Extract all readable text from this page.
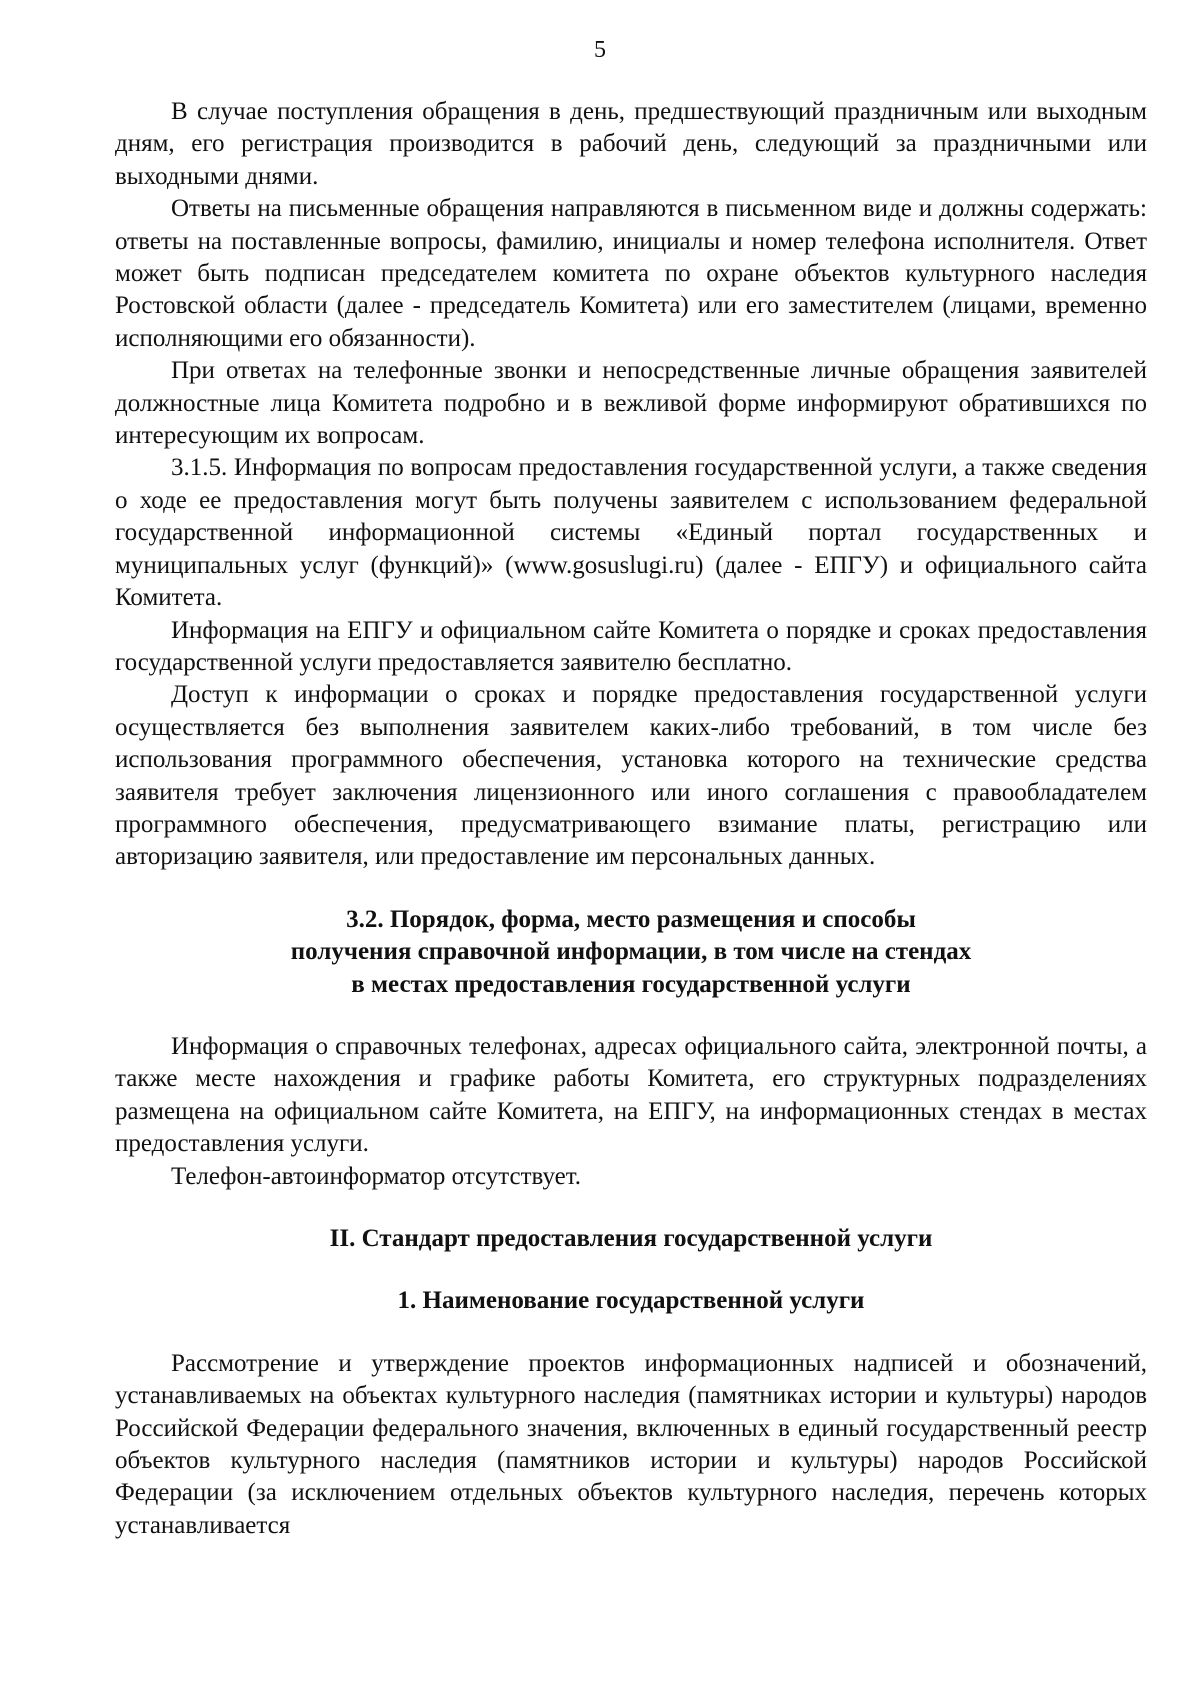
5

В случае поступления обращения в день, предшествующий праздничным или выходным дням, его регистрация производится в рабочий день, следующий за праздничными или выходными днями.

Ответы на письменные обращения направляются в письменном виде и должны содержать: ответы на поставленные вопросы, фамилию, инициалы и номер телефона исполнителя. Ответ может быть подписан председателем комитета по охране объектов культурного наследия Ростовской области (далее - председатель Комитета) или его заместителем (лицами, временно исполняющими его обязанности).

При ответах на телефонные звонки и непосредственные личные обращения заявителей должностные лица Комитета подробно и в вежливой форме информируют обратившихся по интересующим их вопросам.

3.1.5. Информация по вопросам предоставления государственной услуги, а также сведения о ходе ее предоставления могут быть получены заявителем с использованием федеральной государственной информационной системы «Единый портал государственных и муниципальных услуг (функций)» (www.gosuslugi.ru) (далее - ЕПГУ) и официального сайта Комитета.

Информация на ЕПГУ и официальном сайте Комитета о порядке и сроках предоставления государственной услуги предоставляется заявителю бесплатно.

Доступ к информации о сроках и порядке предоставления государственной услуги осуществляется без выполнения заявителем каких-либо требований, в том числе без использования программного обеспечения, установка которого на технические средства заявителя требует заключения лицензионного или иного соглашения с правообладателем программного обеспечения, предусматривающего взимание платы, регистрацию или авторизацию заявителя, или предоставление им персональных данных.

3.2. Порядок, форма, место размещения и способы
получения справочной информации, в том числе на стендах
в местах предоставления государственной услуги

Информация о справочных телефонах, адресах официального сайта, электронной почты, а также месте нахождения и графике работы Комитета, его структурных подразделениях размещена на официальном сайте Комитета, на ЕПГУ, на информационных стендах в местах предоставления услуги.

Телефон-автоинформатор отсутствует.

II. Стандарт предоставления государственной услуги
1. Наименование государственной услуги

Рассмотрение и утверждение проектов информационных надписей и обозначений, устанавливаемых на объектах культурного наследия (памятниках истории и культуры) народов Российской Федерации федерального значения, включенных в единый государственный реестр объектов культурного наследия (памятников истории и культуры) народов Российской Федерации (за исключением отдельных объектов культурного наследия, перечень которых устанавливается
